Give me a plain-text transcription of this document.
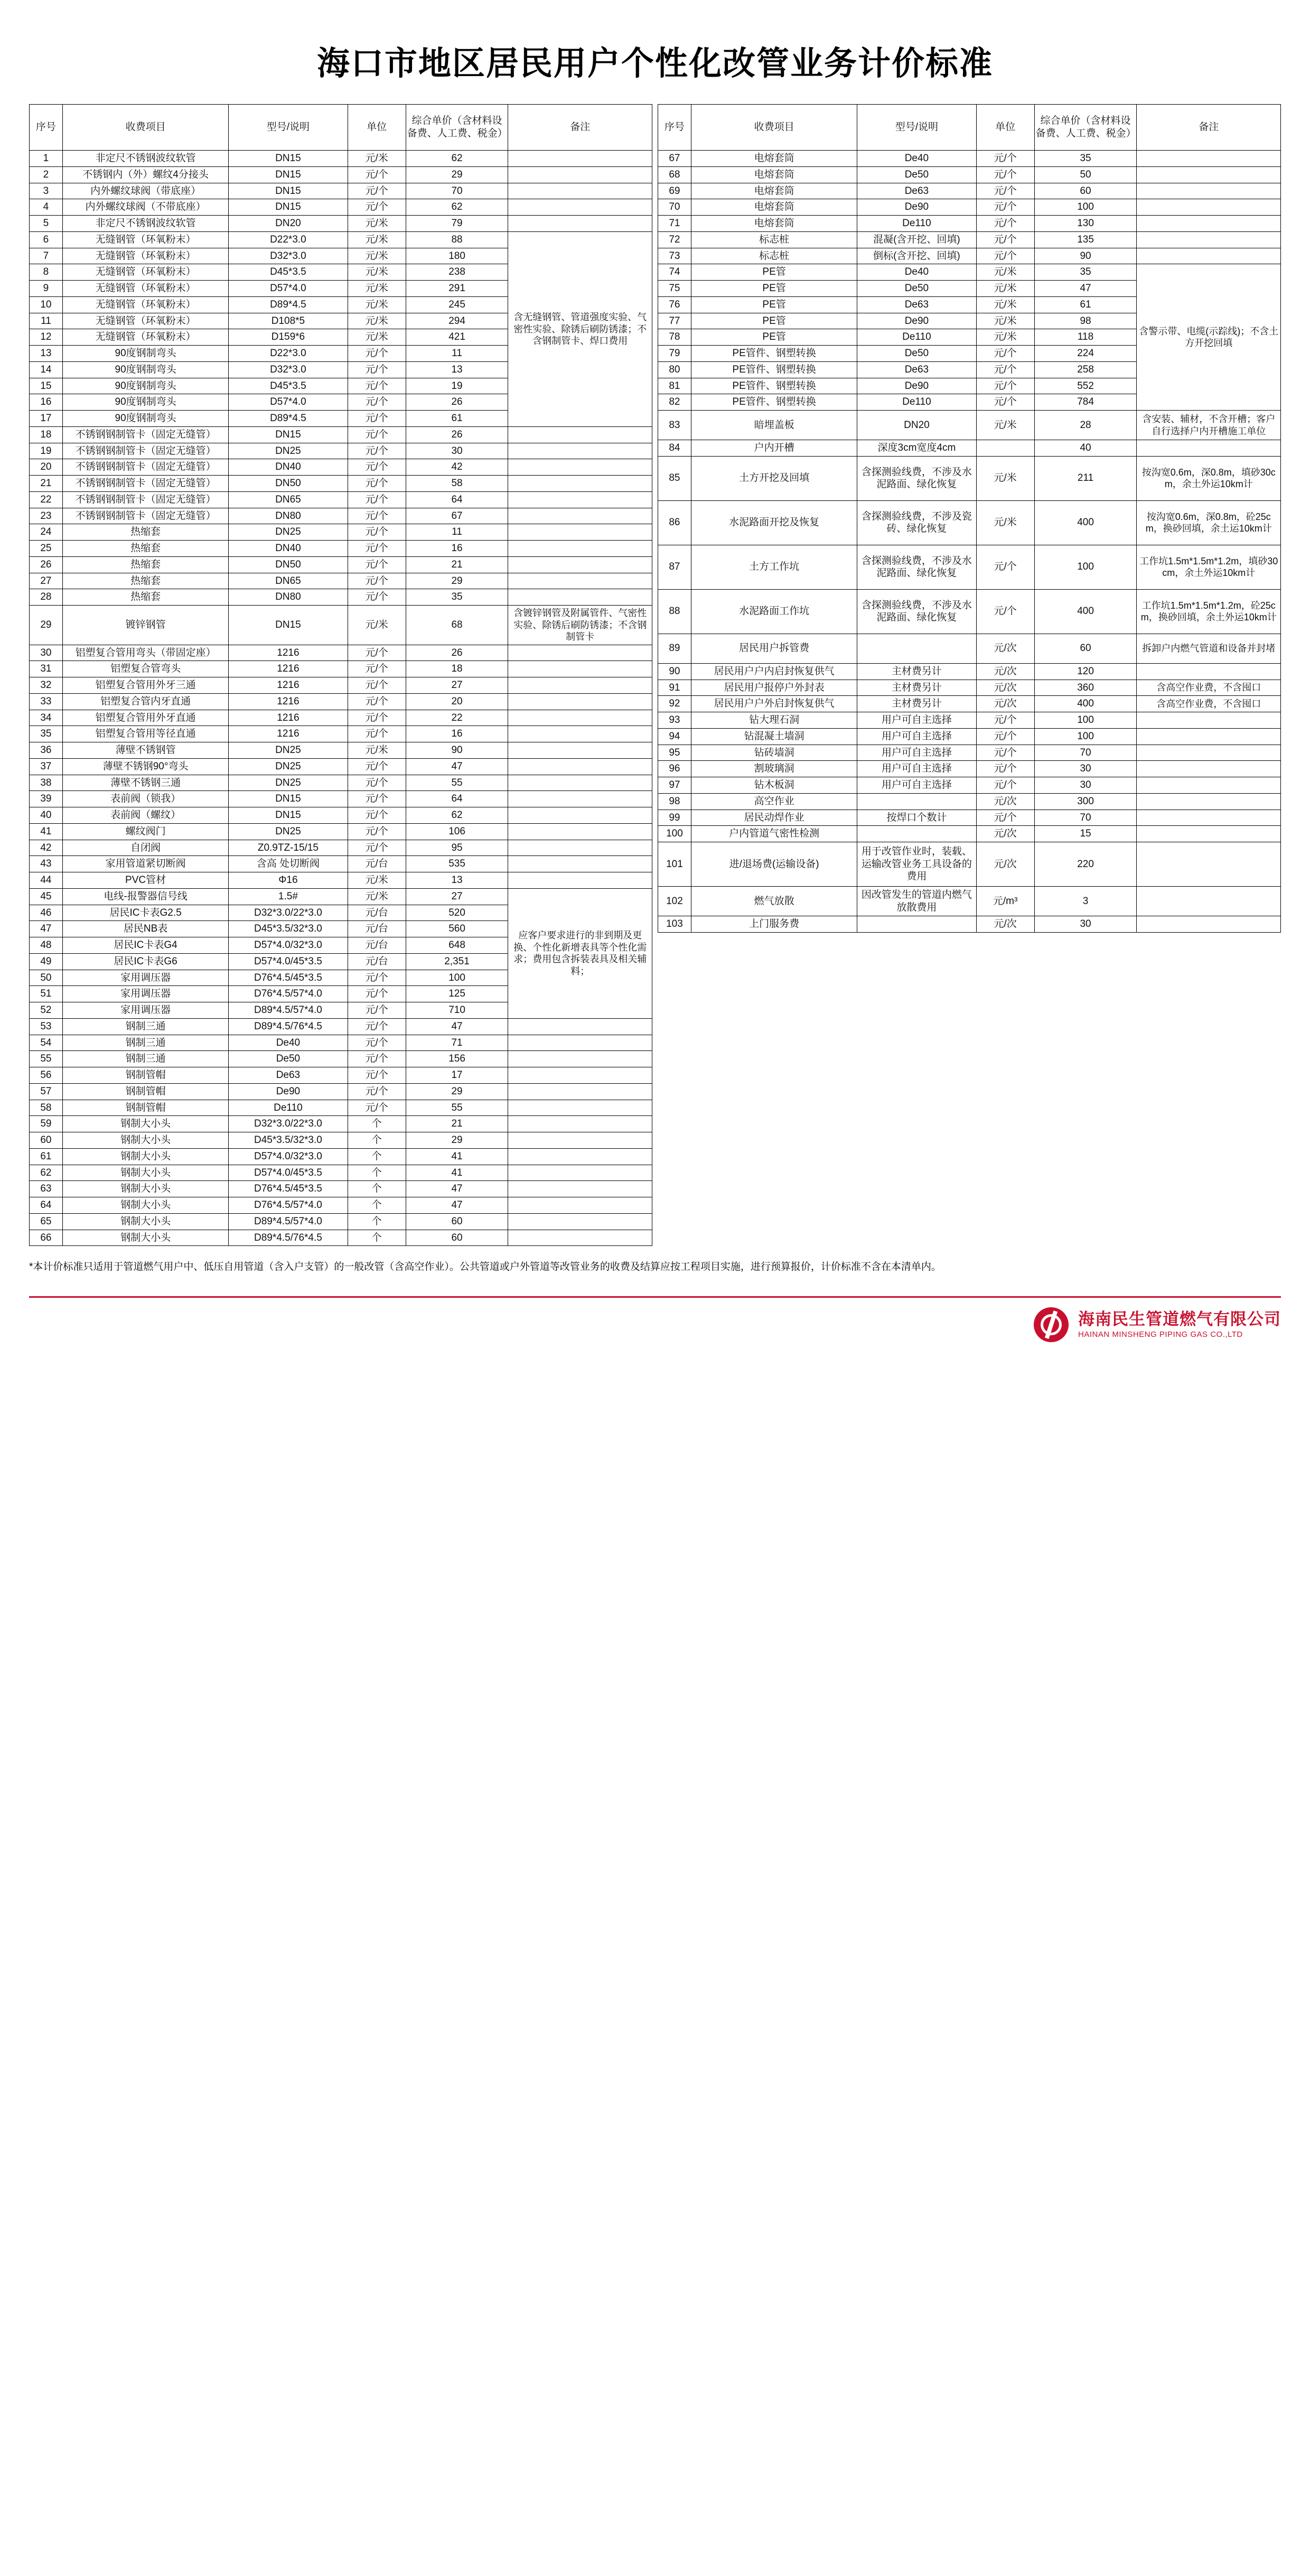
海口市地区居民用户个性化改管业务计价标准
序号	收费项目	型号/说明	单位	综合单价（含材料设备费、人工费、税金）	备注
1	非定尺不锈钢波纹软管	DN15	元/米	62	
2	不锈钢内（外）螺纹4分接头	DN15	元/个	29	
3	内外螺纹球阀（带底座）	DN15	元/个	70	
4	内外螺纹球阀（不带底座）	DN15	元/个	62	
5	非定尺不锈钢波纹软管	DN20	元/米	79	
6	无缝钢管（环氧粉末）	D22*3.0	元/米	88	含无缝钢管、管道强度实验、气密性实验、除锈后刷防锈漆；不含钢制管卡、焊口费用
7	无缝钢管（环氧粉末）	D32*3.0	元/米	180	
8	无缝钢管（环氧粉末）	D45*3.5	元/米	238	
9	无缝钢管（环氧粉末）	D57*4.0	元/米	291	
10	无缝钢管（环氧粉末）	D89*4.5	元/米	245	
11	无缝钢管（环氧粉末）	D108*5	元/米	294	
12	无缝钢管（环氧粉末）	D159*6	元/米	421	
13	90度钢制弯头	D22*3.0	元/个	11	
14	90度钢制弯头	D32*3.0	元/个	13	
15	90度钢制弯头	D45*3.5	元/个	19	
16	90度钢制弯头	D57*4.0	元/个	26	
17	90度钢制弯头	D89*4.5	元/个	61	
18	不锈钢钢制管卡（固定无缝管）	DN15	元/个	26	
19	不锈钢钢制管卡（固定无缝管）	DN25	元/个	30	
20	不锈钢钢制管卡（固定无缝管）	DN40	元/个	42	
21	不锈钢钢制管卡（固定无缝管）	DN50	元/个	58	
22	不锈钢钢制管卡（固定无缝管）	DN65	元/个	64	
23	不锈钢钢制管卡（固定无缝管）	DN80	元/个	67	
24	热缩套	DN25	元/个	11	
25	热缩套	DN40	元/个	16	
26	热缩套	DN50	元/个	21	
27	热缩套	DN65	元/个	29	
28	热缩套	DN80	元/个	35	
29	镀锌钢管	DN15	元/米	68	含镀锌钢管及附属管件、气密性实验、除锈后刷防锈漆；不含钢制管卡
30	铝塑复合管用弯头（带固定座）	1216	元/个	26	
31	铝塑复合管弯头	1216	元/个	18	
32	铝塑复合管用外牙三通	1216	元/个	27	
33	铝塑复合管内牙直通	1216	元/个	20	
34	铝塑复合管用外牙直通	1216	元/个	22	
35	铝塑复合管用等径直通	1216	元/个	16	
36	薄壁不锈钢管	DN25	元/米	90	
37	薄壁不锈钢90°弯头	DN25	元/个	47	
38	薄壁不锈钢三通	DN25	元/个	55	
39	表前阀（锁我）	DN15	元/个	64	
40	表前阀（螺纹）	DN15	元/个	62	
41	螺纹阀门	DN25	元/个	106	
42	自闭阀	Z0.9TZ-15/15	元/个	95	
43	家用管道紧切断阀	含高 处切断阀	元/台	535	
44	PVC管材	Φ16	元/米	13	
45	电线-报警器信号线	1.5#	元/米	27	应客户要求进行的非到期及更换、个性化新增表具等个性化需求；费用包含拆装表具及相关辅料；
46	居民IC卡表G2.5	D32*3.0/22*3.0	元/台	520	
47	居民NB表	D45*3.5/32*3.0	元/台	560	
48	居民IC卡表G4	D57*4.0/32*3.0	元/台	648	
49	居民IC卡表G6	D57*4.0/45*3.5	元/台	2,351	
50	家用调压器	D76*4.5/45*3.5	元/个	100	
51	家用调压器	D76*4.5/57*4.0	元/个	125	
52	家用调压器	D89*4.5/57*4.0	元/个	710	
53	钢制三通	D89*4.5/76*4.5	元/个	47	
54	钢制三通	De40	元/个	71	
55	钢制三通	De50	元/个	156	
56	钢制管帽	De63	元/个	17	
57	钢制管帽	De90	元/个	29	
58	钢制管帽	De110	元/个	55	
59	钢制大小头	D32*3.0/22*3.0	个	21	
60	钢制大小头	D45*3.5/32*3.0	个	29	
61	钢制大小头	D57*4.0/32*3.0	个	41	
62	钢制大小头	D57*4.0/45*3.5	个	41	
63	钢制大小头	D76*4.5/45*3.5	个	47	
64	钢制大小头	D76*4.5/57*4.0	个	47	
65	钢制大小头	D89*4.5/57*4.0	个	60	
66	钢制大小头	D89*4.5/76*4.5	个	60	
序号	收费项目	型号/说明	单位	综合单价（含材料设备费、人工费、税金）	备注
67	电熔套筒	De40	元/个	35	
68	电熔套筒	De50	元/个	50	
69	电熔套筒	De63	元/个	60	
70	电熔套筒	De90	元/个	100	
71	电熔套筒	De110	元/个	130	
72	标志桩	混凝(含开挖、回填)	元/个	135	
73	标志桩	倒标(含开挖、回填)	元/个	90	
74	PE管	De40	元/米	35	含警示带、电缆(示踪线)；不含土方开挖回填
75	PE管	De50	元/米	47	
76	PE管	De63	元/米	61	
77	PE管	De90	元/米	98	
78	PE管	De110	元/米	118	
79	PE管件、钢塑转换	De50	元/个	224	
80	PE管件、钢塑转换	De63	元/个	258	
81	PE管件、钢塑转换	De90	元/个	552	
82	PE管件、钢塑转换	De110	元/个	784	
83	暗埋盖板	DN20	元/米	28	含安装、辅材，不含开槽；客户自行选择户内开槽施工单位
84	户内开槽	深度3cm宽度4cm		40	
85	土方开挖及回填	含探测验线费，不涉及水泥路面、绿化恢复	元/米	211	按沟宽0.6m，深0.8m，填砂30cm，余土外运10km计
86	水泥路面开挖及恢复	含探测验线费，不涉及瓷砖、绿化恢复	元/米	400	按沟宽0.6m，深0.8m，砼25cm，换砂回填，余土运10km计
87	土方工作坑	含探测验线费，不涉及水泥路面、绿化恢复	元/个	100	工作坑1.5m*1.5m*1.2m，填砂30cm，余土外运10km计
88	水泥路面工作坑	含探测验线费，不涉及水泥路面、绿化恢复	元/个	400	工作坑1.5m*1.5m*1.2m，砼25cm，换砂回填，余土外运10km计
89	居民用户拆管费		元/次	60	拆卸户内燃气管道和设备并封堵
90	居民用户户内启封恢复供气	主材费另计	元/次	120	
91	居民用户报停户外封表	主材费另计	元/次	360	含高空作业费，不含囤口
92	居民用户户外启封恢复供气	主材费另计	元/次	400	含高空作业费，不含囤口
93	钻大理石洞	用户可自主选择	元/个	100	
94	钻混凝土墙洞	用户可自主选择	元/个	100	
95	钻砖墙洞	用户可自主选择	元/个	70	
96	割玻璃洞	用户可自主选择	元/个	30	
97	钻木板洞	用户可自主选择	元/个	30	
98	高空作业		元/次	300	
99	居民动焊作业	按焊口个数计	元/个	70	
100	户内管道气密性检测		元/次	15	
101	进/退场费(运输设备)	用于改管作业时，装载、运输改管业务工具设备的费用	元/次	220	
102	燃气放散	因改管发生的管道内燃气放散费用	元/m³	3	
103	上门服务费		元/次	30	
*本计价标准只适用于管道燃气用户中、低压自用管道（含入户支管）的一般改管（含高空作业）。公共管道或户外管道等改管业务的收费及结算应按工程项目实施，进行预算报价，计价标准不含在本清单内。
海南民生管道燃气有限公司
HAINAN MINSHENG PIPING GAS CO.,LTD
